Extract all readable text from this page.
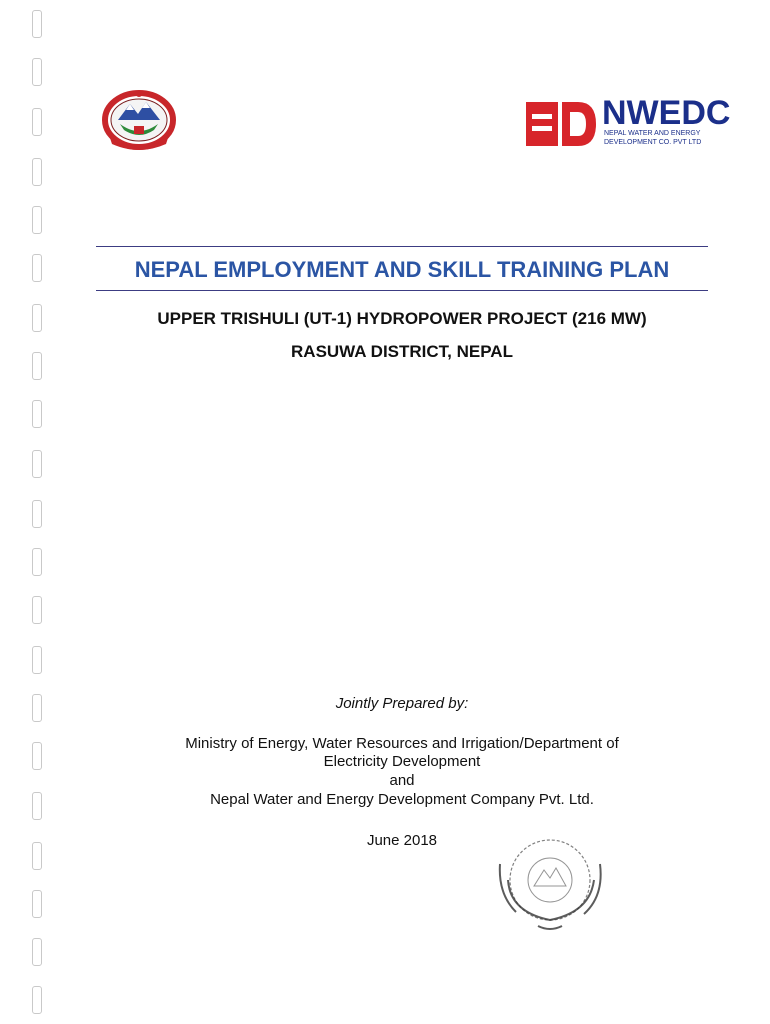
NWEDC
NEPAL WATER AND ENERGY
DEVELOPMENT CO. PVT LTD
NEPAL EMPLOYMENT AND SKILL TRAINING PLAN
UPPER TRISHULI (UT-1) HYDROPOWER PROJECT (216 MW)
RASUWA DISTRICT, NEPAL
Jointly Prepared by:
Ministry of Energy, Water Resources and Irrigation/Department of
Electricity Development
and
Nepal Water and Energy Development Company Pvt. Ltd.
June 2018
